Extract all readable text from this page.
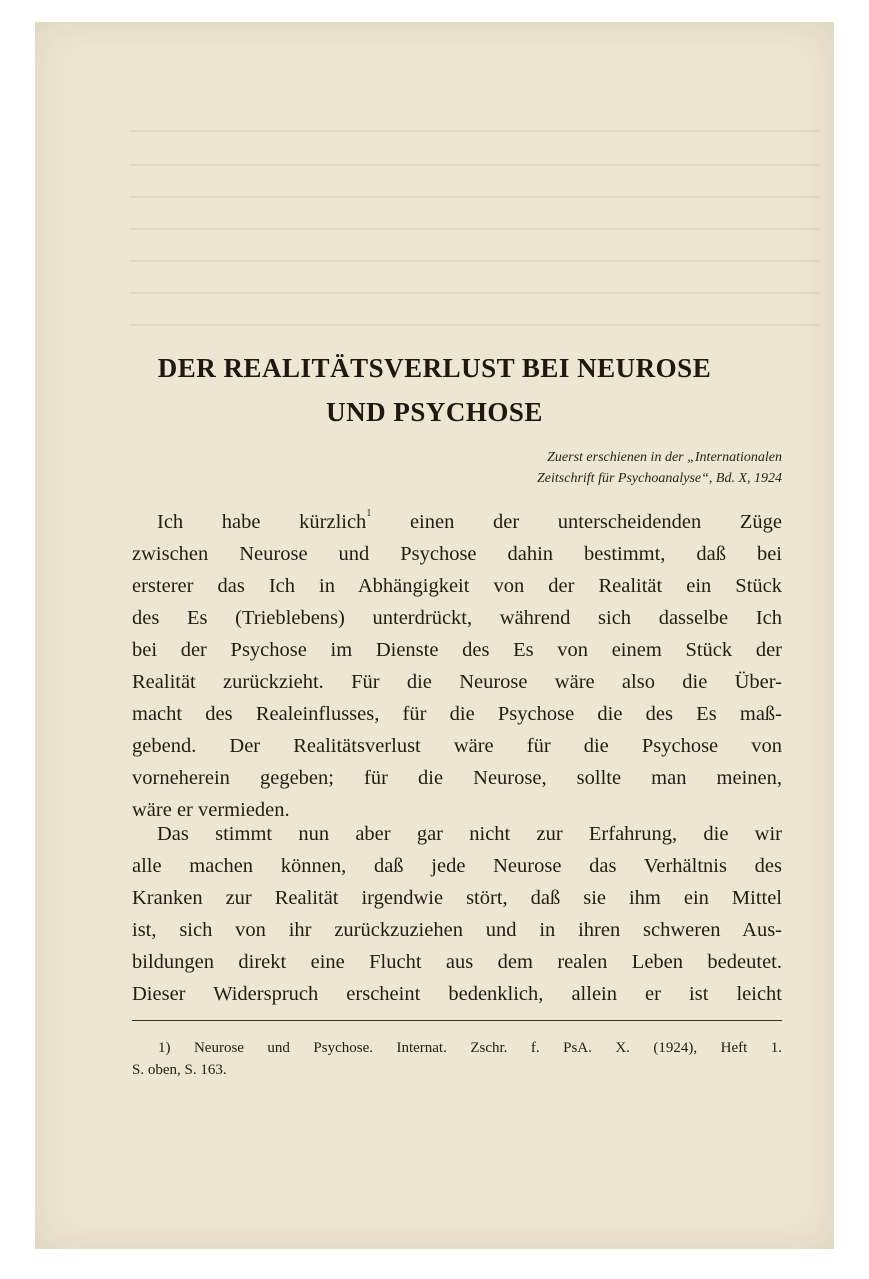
DER REALITÄTSVERLUST BEI NEUROSE
UND PSYCHOSE
Zuerst erschienen in der „Internationalen
Zeitschrift für Psychoanalyse“, Bd. X, 1924
Ich habe kürzlich$^1$ einen der unterscheidenden Züge
zwischen Neurose und Psychose dahin bestimmt, daß bei
ersterer das Ich in Abhängigkeit von der Realität ein Stück
des Es (Trieblebens) unterdrückt, während sich dasselbe Ich
bei der Psychose im Dienste des Es von einem Stück der
Realität zurückzieht. Für die Neurose wäre also die Über-
macht des Realeinflusses, für die Psychose die des Es maß-
gebend. Der Realitätsverlust wäre für die Psychose von
vorneherein gegeben; für die Neurose, sollte man meinen,
wäre er vermieden.
Das stimmt nun aber gar nicht zur Erfahrung, die wir
alle machen können, daß jede Neurose das Verhältnis des
Kranken zur Realität irgendwie stört, daß sie ihm ein Mittel
ist, sich von ihr zurückzuziehen und in ihren schweren Aus-
bildungen direkt eine Flucht aus dem realen Leben bedeutet.
Dieser Widerspruch erscheint bedenklich, allein er ist leicht
1) Neurose und Psychose. Internat. Zschr. f. PsA. X. (1924), Heft 1.
S. oben, S. 163.
